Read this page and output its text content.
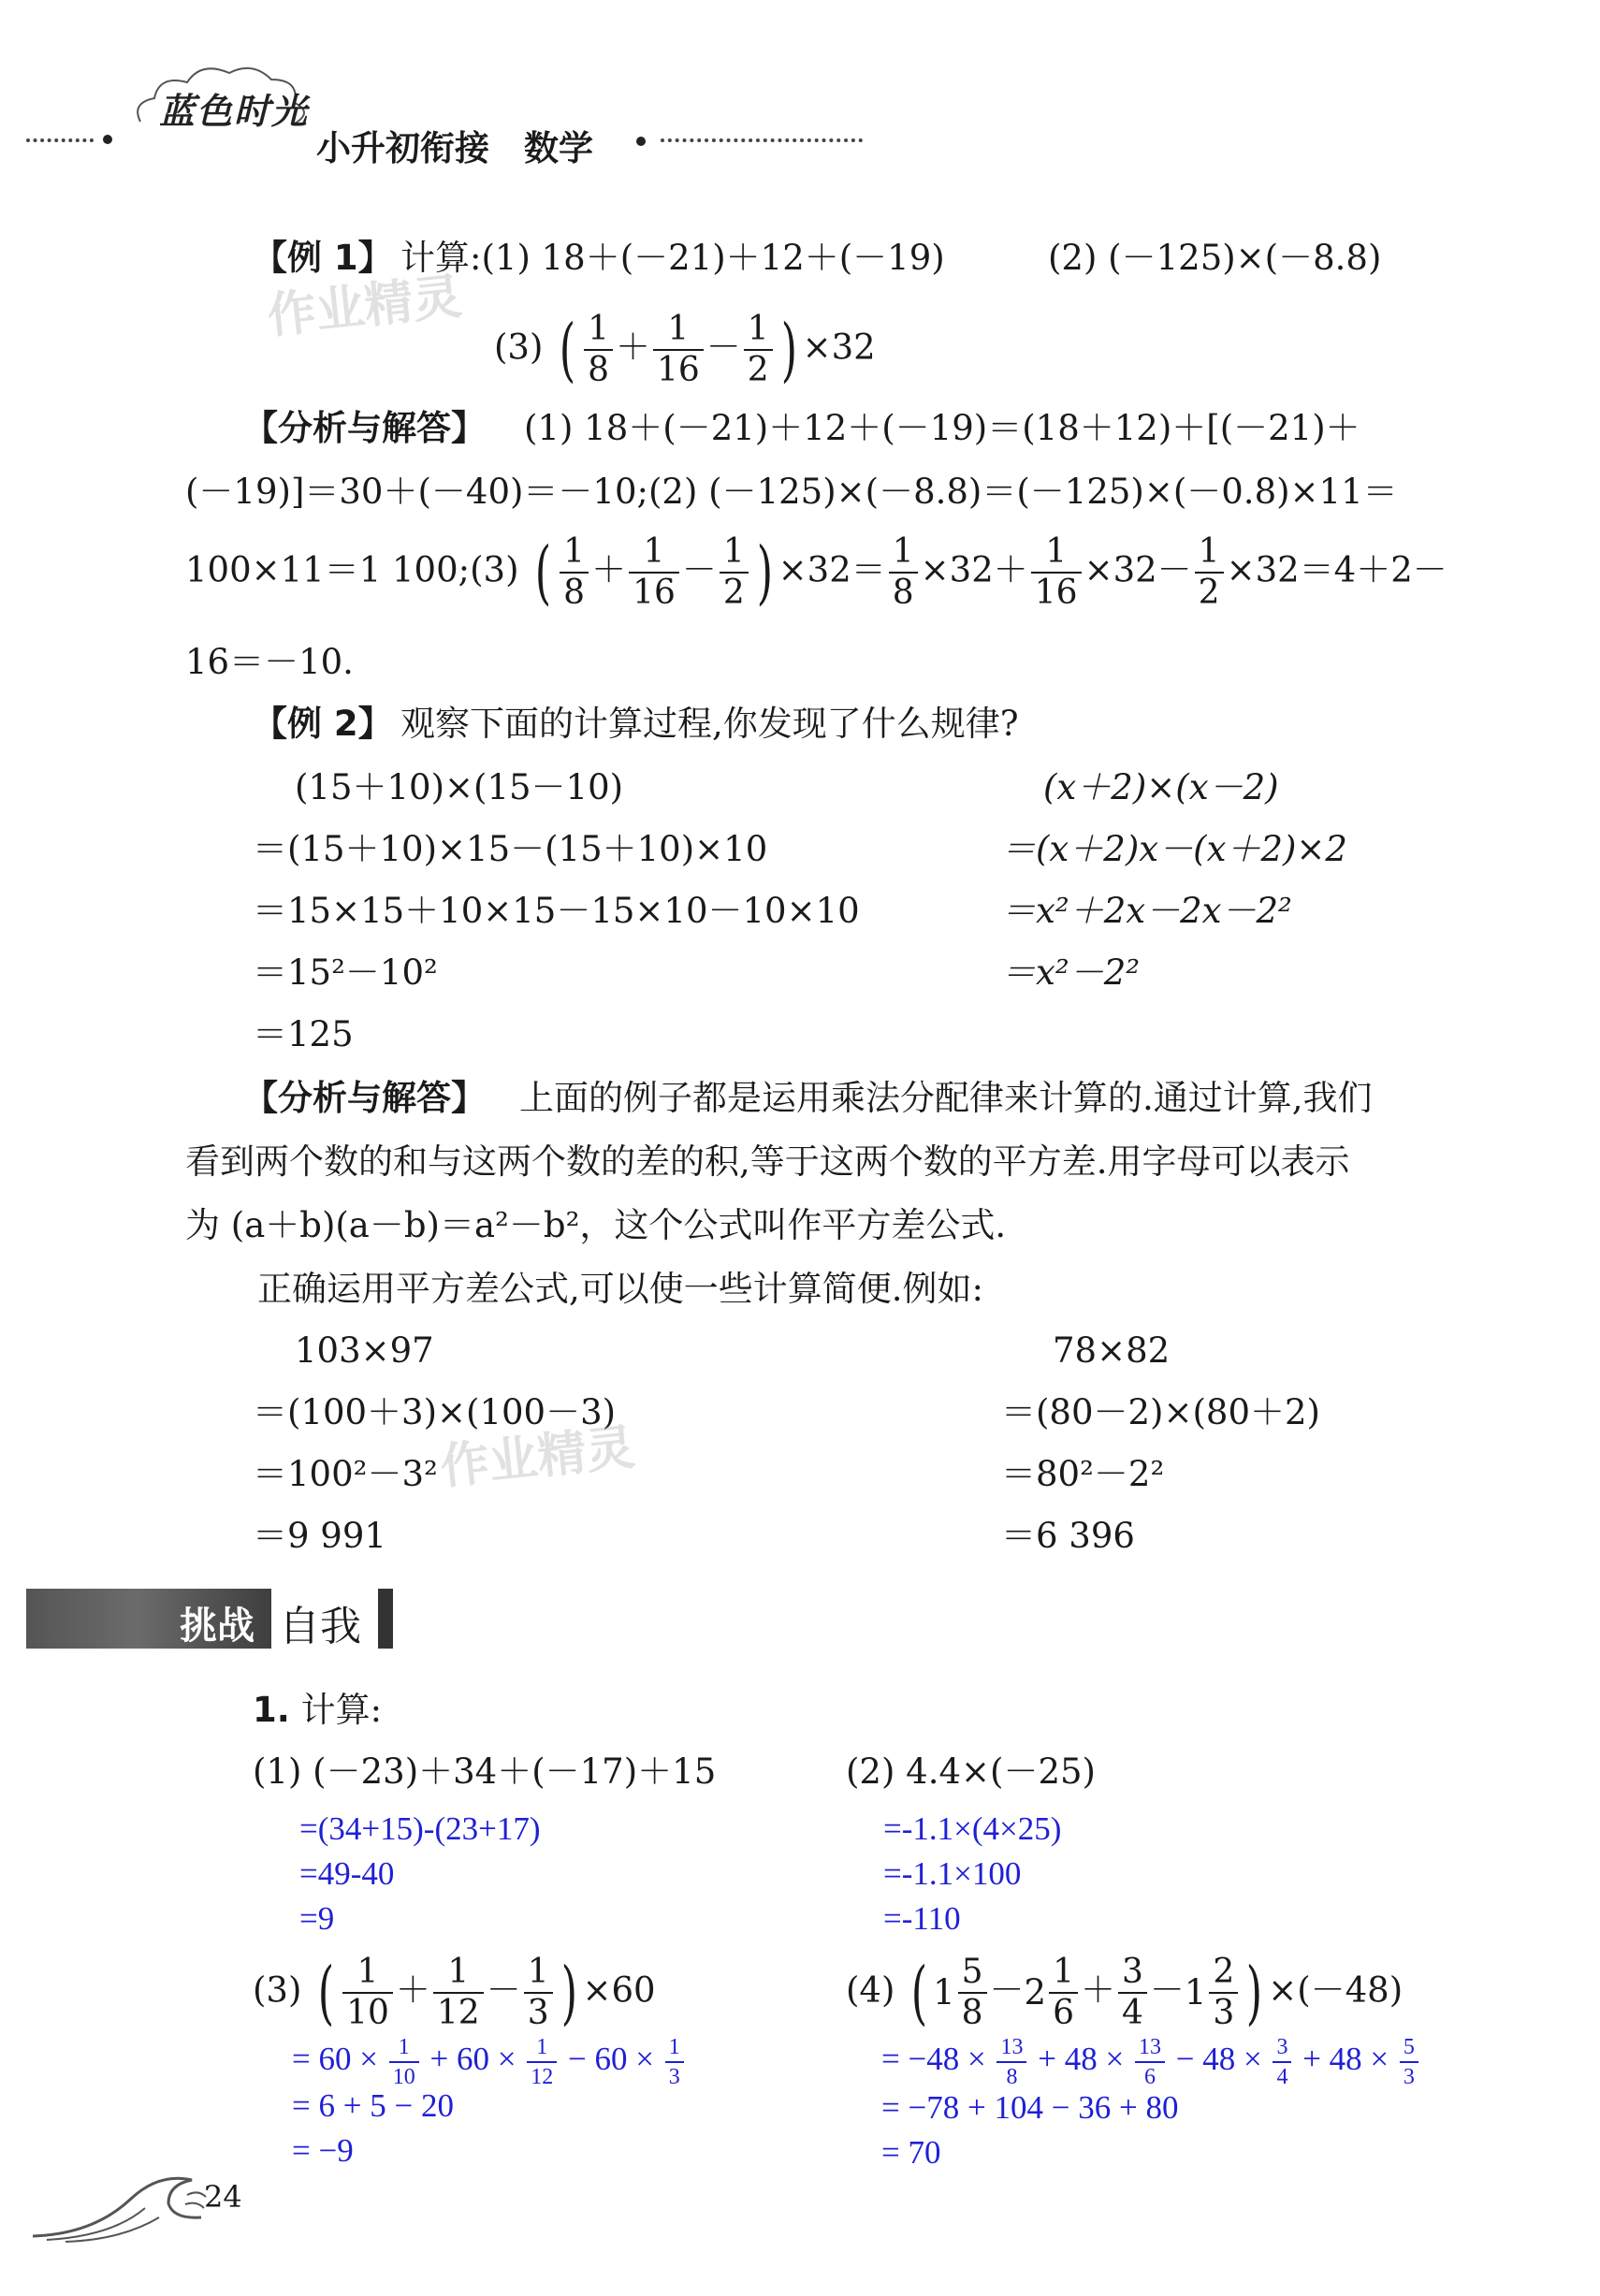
蓝色时光
小升初衔接　数学
【例 1】 计算:(1) 18＋(－21)＋12＋(－19)	(2) (－125)×(－8.8)
(3) ( $\frac{1}{8} + \frac{1}{16} - \frac{1}{2}$ ) ×32
作业精灵
【分析与解答】 (1) 18＋(－21)＋12＋(－19)＝(18＋12)＋[(－21)＋
(－19)]＝30＋(－40)＝－10;(2) (－125)×(－8.8)＝(－125)×(－0.8)×11＝
100×11＝1 100;(3) ( $\frac{1}{8} + \frac{1}{16} - \frac{1}{2}$ ) $\times 32= \frac{1}{8} \times 32+ \frac{1}{16} \times 32- \frac{1}{2} \times 32=4+2-$
16＝－10.
【例 2】 观察下面的计算过程,你发现了什么规律?
(15＋10)×(15－10)
＝(15＋10)×15－(15＋10)×10
＝15×15＋10×15－15×10－10×10
＝15²－10²
＝125
(x＋2)×(x－2)
＝(x＋2)x－(x＋2)×2
＝x²＋2x－2x－2²
＝x²－2²
【分析与解答】 上面的例子都是运用乘法分配律来计算的.通过计算,我们
看到两个数的和与这两个数的差的积,等于这两个数的平方差.用字母可以表示
为 (a＋b)(a－b)＝a²－b²，这个公式叫作平方差公式.
正确运用平方差公式,可以使一些计算简便.例如:
103×97
＝(100＋3)×(100－3)
＝100²－3²
＝9 991
78×82
＝(80－2)×(80＋2)
＝80²－2²
＝6 396
作业精灵
挑战 自我
1. 计算:
(1) (－23)＋34＋(－17)＋15
=(34+15)-(23+17)
=49-40
=9
(2) 4.4×(－25)
=-1.1×(4×25)
=-1.1×100
=-110
(3) ( $\frac{1}{10} + \frac{1}{12} - \frac{1}{3}$ ) ×60
= $60 \times \frac{1}{10} + 60 \times \frac{1}{12} - 60 \times \frac{1}{3}$
= 6 + 5 − 20
= −9
(4) ( $1 \frac{5}{8} -2 \frac{1}{6} + \frac{3}{4} -1 \frac{2}{3}$ ) ×(－48)
= $-48 \times \frac{13}{8} + 48 \times \frac{13}{6} - 48 \times \frac{3}{4} + 48 \times \frac{5}{3}$
= −78 + 104 − 36 + 80
= 70
24
